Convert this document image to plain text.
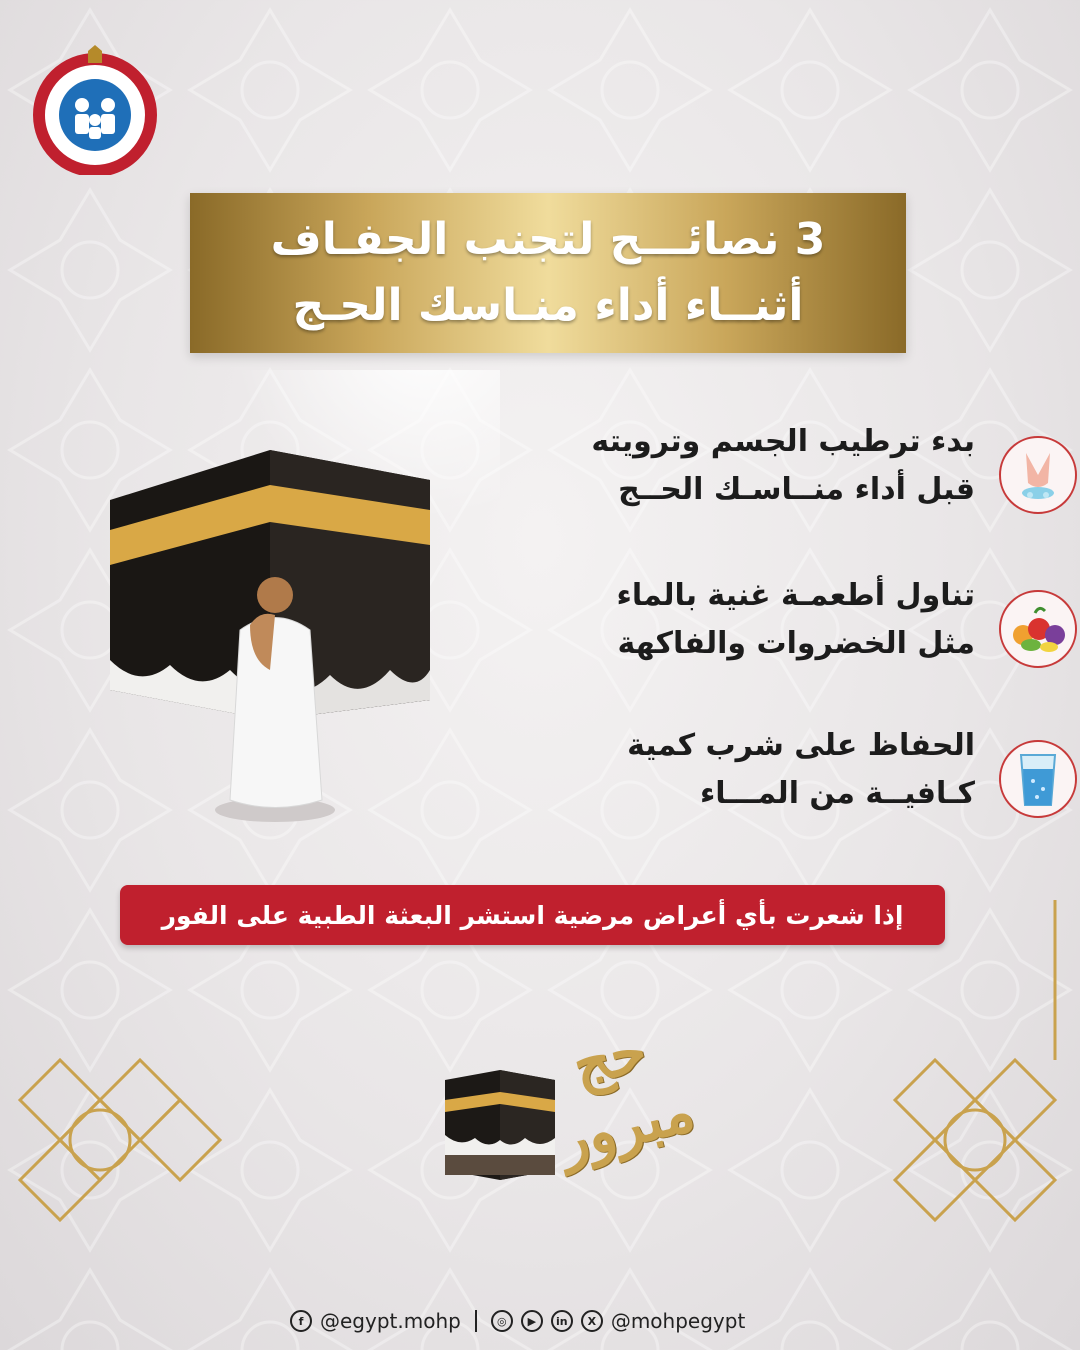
3 نصائـــح لتجنب الجفـاف
أثنــاء أداء منـاسك الحـج
بدء ترطيب الجسم وترويته
قبل أداء منــاسـك الحــج
تناول أطعمـة غنية بالماء
مثل الخضروات والفاكهة
الحفاظ على شرب كمية
كـافيــة من المـــاء
إذا شعرت بأي أعراض مرضية استشر البعثة الطبية على الفور
حج
مبرور
f @egypt.mohp	◎	▶	in	X @mohpegypt
